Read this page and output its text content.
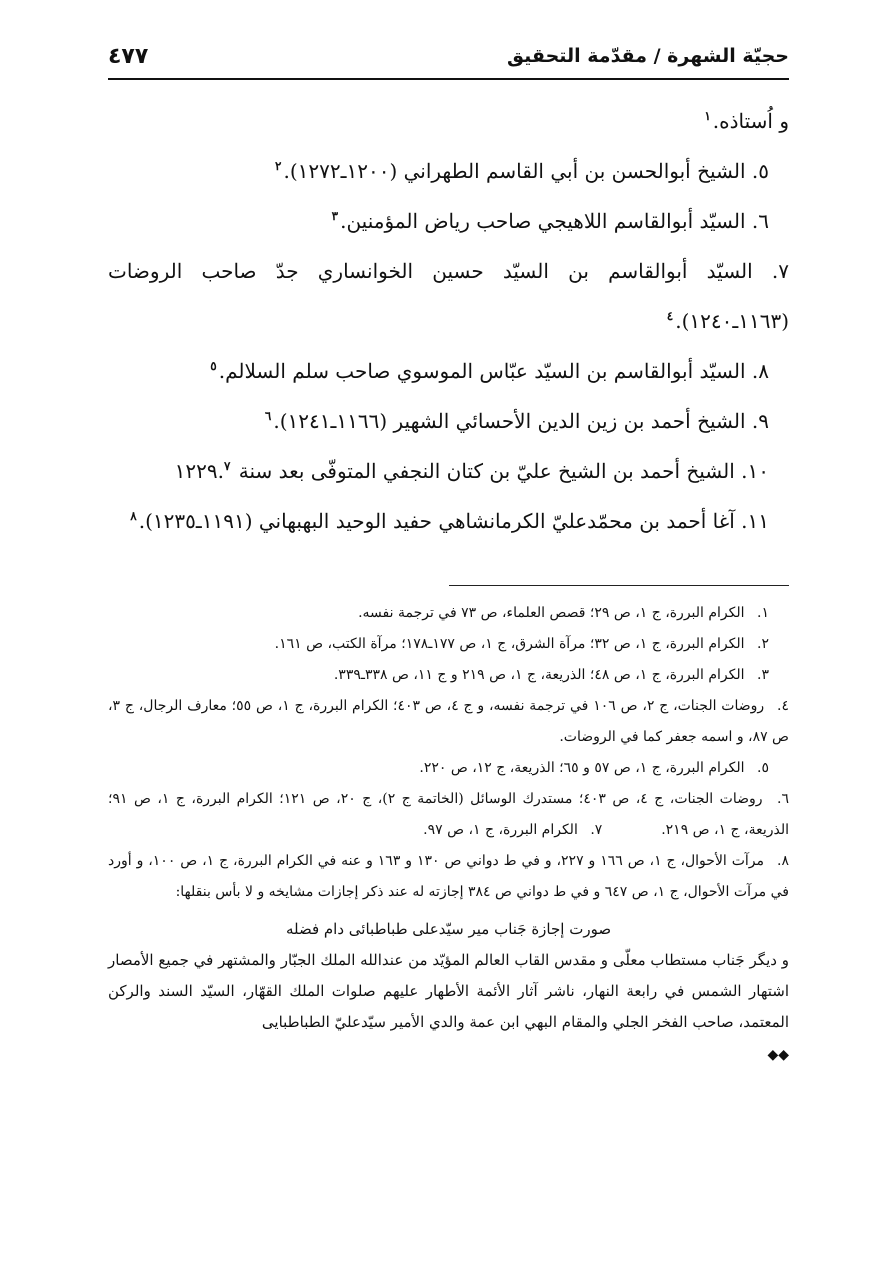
حجيّة الشهرة / مقدّمة التحقيق
٤٧٧

و اُستاذه.$^١$

٥. الشيخ أبوالحسن بن أبي القاسم الطهراني (١٢٠٠ـ١٢٧٢).$^٢$

٦. السيّد أبوالقاسم اللاهيجي صاحب رياض المؤمنين.$^٣$

٧. السيّد أبوالقاسم بن السيّد حسين الخوانساري جدّ صاحب الروضات (١١٦٣ـ١٢٤٠).$^٤$

٨. السيّد أبوالقاسم بن السيّد عبّاس الموسوي صاحب سلم السلالم.$^٥$

٩. الشيخ أحمد بن زين الدين الأحسائي الشهير (١١٦٦ـ١٢٤١).$^٦$

١٠. الشيخ أحمد بن الشيخ عليّ بن كتان النجفي المتوفّى بعد سنة ١٢٢٩.$^٧$

١١. آغا أحمد بن محمّدعليّ الكرمانشاهي حفيد الوحيد البهبهاني (١١٩١ـ١٢٣٥).$^٨$

١. الكرام البررة، ج ١، ص ٢٩؛ قصص العلماء، ص ٧٣ في ترجمة نفسه.

٢. الكرام البررة، ج ١، ص ٣٢؛ مرآة الشرق، ج ١، ص ١٧٧ـ١٧٨؛ مرآة الكتب، ص ١٦١.

٣. الكرام البررة، ج ١، ص ٤٨؛ الذريعة، ج ١، ص ٢١٩ و ج ١١، ص ٣٣٨ـ٣٣٩.

٤. روضات الجنات، ج ٢، ص ١٠٦ في ترجمة نفسه، و ج ٤، ص ٤٠٣؛ الكرام البررة، ج ١، ص ٥٥؛ معارف الرجال، ج ٣، ص ٨٧، و اسمه جعفر كما في الروضات.

٥. الكرام البررة، ج ١، ص ٥٧ و ٦٥؛ الذريعة، ج ١٢، ص ٢٢٠.

٦. روضات الجنات، ج ٤، ص ٤٠٣؛ مستدرك الوسائل (الخاتمة ج ٢)، ج ٢٠، ص ١٢١؛ الكرام البررة، ج ١، ص ٩١؛ الذريعة، ج ١، ص ٢١٩.  ٧. الكرام البررة، ج ١، ص ٩٧.

٨. مرآت الأحوال، ج ١، ص ١٦٦ و ٢٢٧، و في ط دواني ص ١٣٠ و ١٦٣ و عنه في الكرام البررة، ج ١، ص ١٠٠، و أورد في مرآت الأحوال، ج ١، ص ٦٤٧ و في ط دواني ص ٣٨٤ إجازته له عند ذكر إجازات مشايخه و لا بأس بنقلها:

صورت إجازة جَناب مير سيّدعلى طباطبائى دام فضله

و ديگر جَناب مستطاب معلّى و مقدس القاب العالم المؤيّد من عندالله الملك الجبّار والمشتهر في جميع الأمصار اشتهار الشمس في رابعة النهار، ناشر آثار الأئمة الأطهار عليهم صلوات الملك القهّار، السيّد السند والركن المعتمد، صاحب الفخر الجلي والمقام البهي ابن عمة والدي الأمير سيّدعليّ الطباطبايى

◆◆
